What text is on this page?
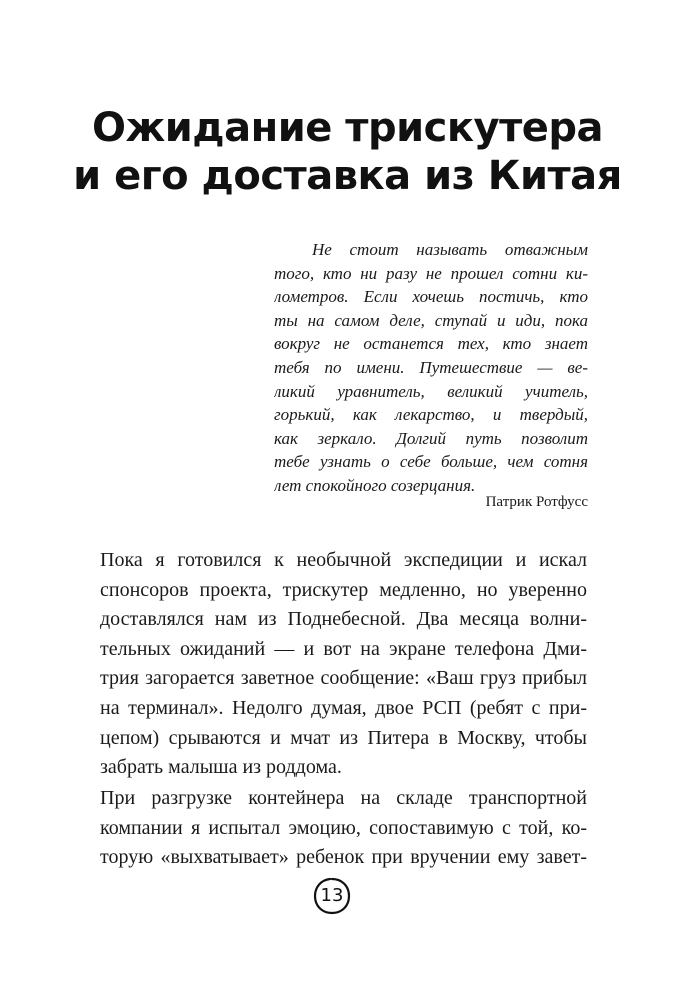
Ожидание трискутера
и его доставка из Китая
Не стоит называть отважным
того, кто ни разу не прошел сотни ки-
лометров. Если хочешь постичь, кто
ты на самом деле, ступай и иди, пока
вокруг не останется тех, кто знает
тебя по имени. Путешествие — ве-
ликий уравнитель, великий учитель,
горький, как лекарство, и твердый,
как зеркало. Долгий путь позволит
тебе узнать о себе больше, чем сотня
лет спокойного созерцания.
Патрик Ротфусс
Пока я готовился к необычной экспедиции и искал
спонсоров проекта, трискутер медленно, но уверенно
доставлялся нам из Поднебесной. Два месяца волни-
тельных ожиданий — и вот на экране телефона Дми-
трия загорается заветное сообщение: «Ваш груз прибыл
на терминал». Недолго думая, двое РСП (ребят с при-
цепом) срываются и мчат из Питера в Москву, чтобы
забрать малыша из роддома.
При разгрузке контейнера на складе транспортной
компании я испытал эмоцию, сопоставимую с той, ко-
торую «выхватывает» ребенок при вручении ему завет-
13
